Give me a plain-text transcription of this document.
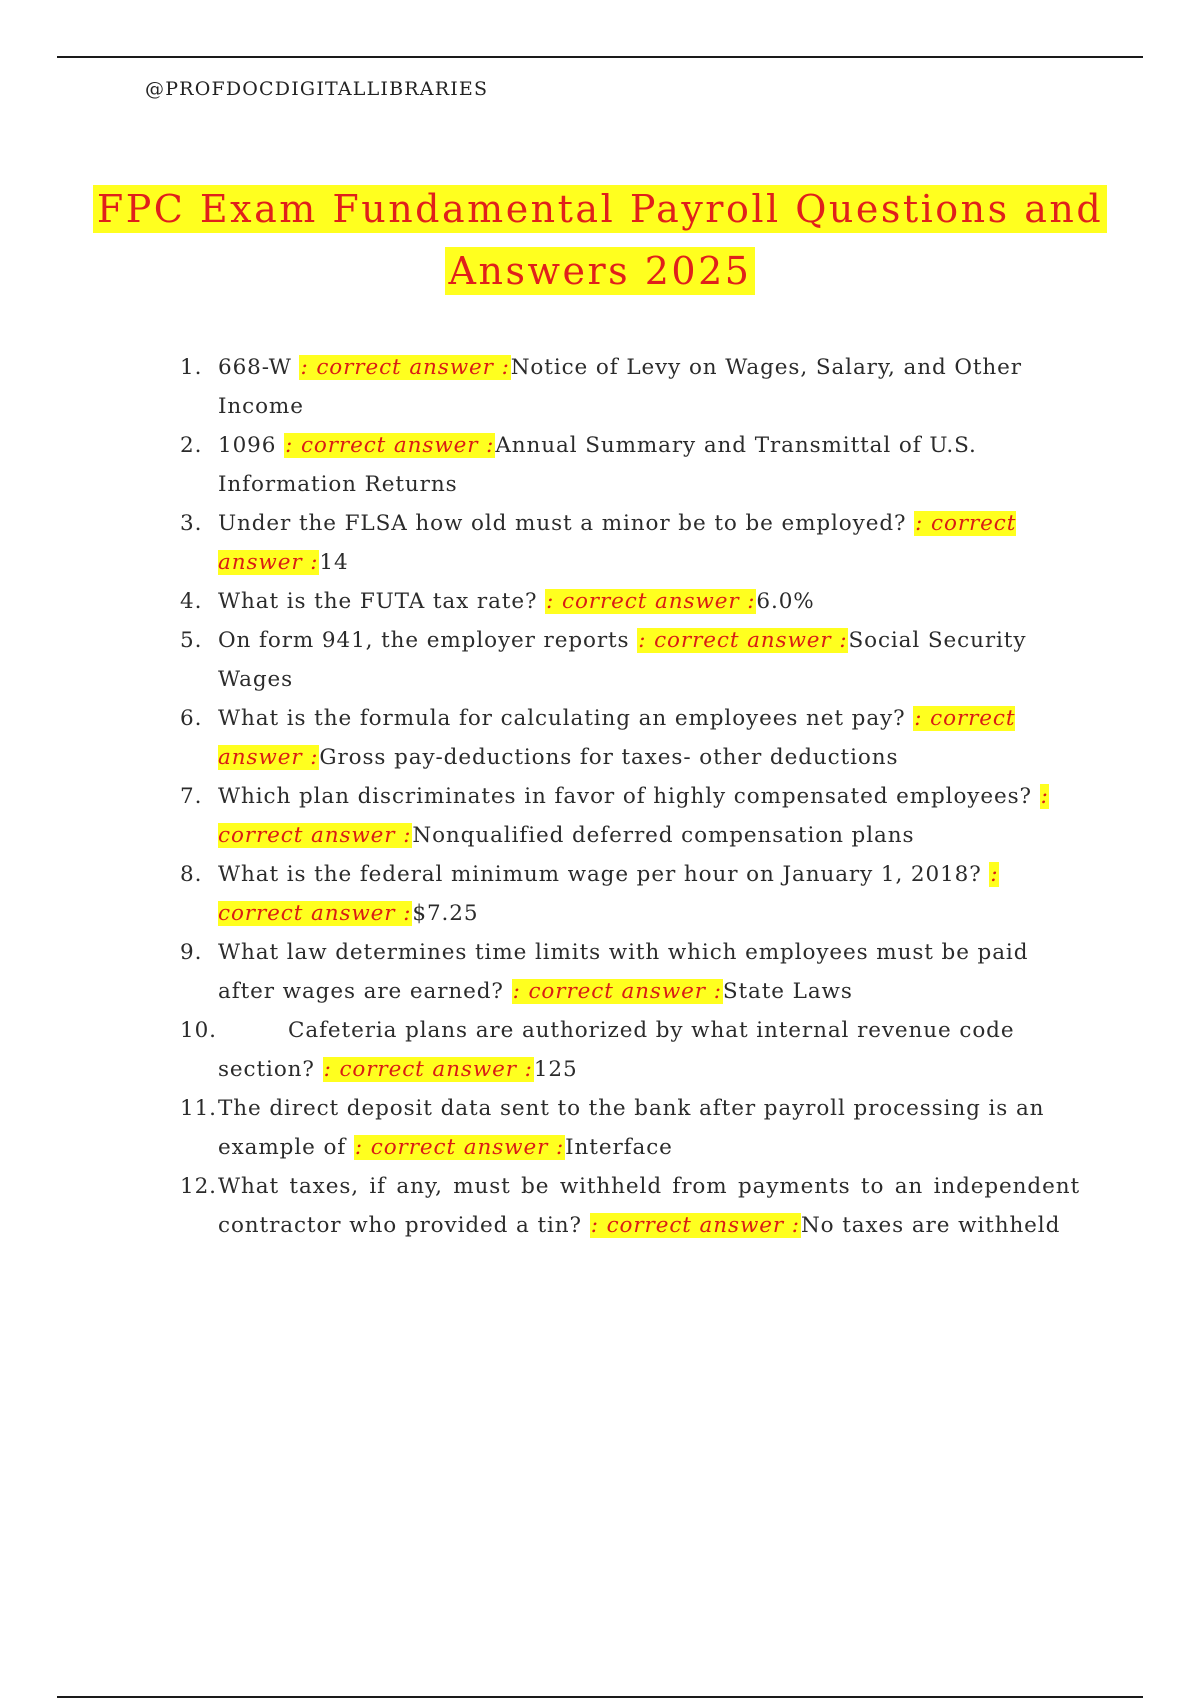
@PROFDOCDIGITALLIBRARIES
FPC Exam Fundamental Payroll Questions and
Answers 2025
1. 668-W : correct answer :Notice of Levy on Wages, Salary, and Other Income
2. 1096 : correct answer :Annual Summary and Transmittal of U.S. Information Returns
3. Under the FLSA how old must a minor be to be employed? : correct answer :14
4. What is the FUTA tax rate? : correct answer :6.0%
5. On form 941, the employer reports : correct answer :Social Security Wages
6. What is the formula for calculating an employees net pay? : correct answer :Gross pay-deductions for taxes- other deductions
7. Which plan discriminates in favor of highly compensated employees? : correct answer :Nonqualified deferred compensation plans
8. What is the federal minimum wage per hour on January 1, 2018? : correct answer :$7.25
9. What law determines time limits with which employees must be paid after wages are earned? : correct answer :State Laws
10.	Cafeteria plans are authorized by what internal revenue code section? : correct answer :125
11. The direct deposit data sent to the bank after payroll processing is an example of : correct answer :Interface
12. What taxes, if any, must be withheld from payments to an independent contractor who provided a tin? : correct answer :No taxes are withheld
